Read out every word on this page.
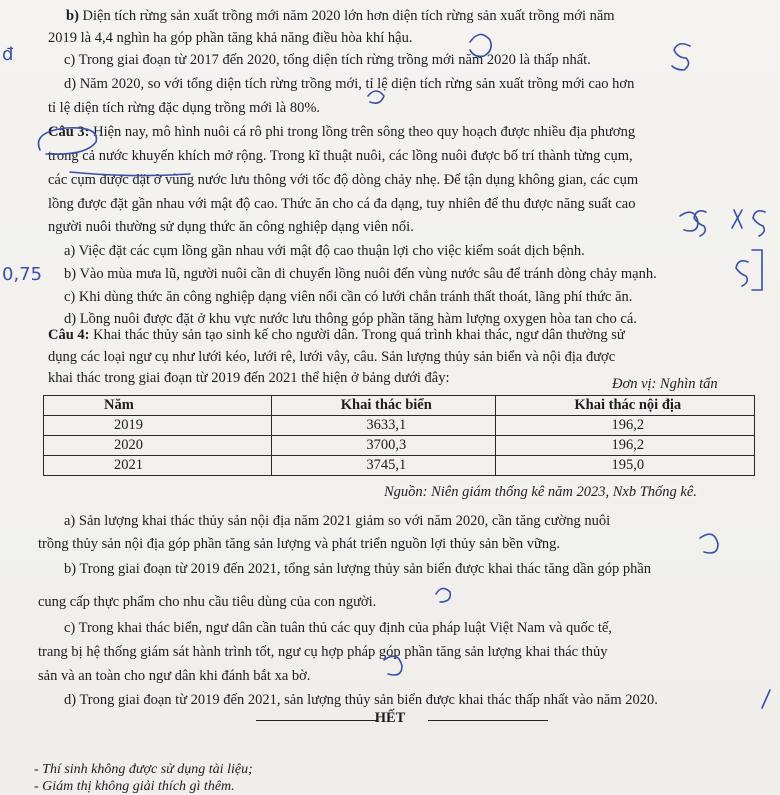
đ
0,75
b) Diện tích rừng sản xuất trồng mới năm 2020 lớn hơn diện tích rừng sản xuất trồng mới năm
2019 là 4,4 nghìn ha góp phần tăng khả năng điều hòa khí hậu.
c) Trong giai đoạn từ 2017 đến 2020, tổng diện tích rừng trồng mới năm 2020 là thấp nhất.
d) Năm 2020, so với tổng diện tích rừng trồng mới, tỉ lệ diện tích rừng sản xuất trồng mới cao hơn
tỉ lệ diện tích rừng đặc dụng trồng mới là 80%.
Câu 3: Hiện nay, mô hình nuôi cá rô phi trong lồng trên sông theo quy hoạch được nhiều địa phương
trong cả nước khuyến khích mở rộng. Trong kĩ thuật nuôi, các lồng nuôi được bố trí thành từng cụm,
các cụm được đặt ở vùng nước lưu thông với tốc độ dòng chảy nhẹ. Để tận dụng không gian, các cụm
lồng được đặt gần nhau với mật độ cao. Thức ăn cho cá đa dạng, tuy nhiên để thu được năng suất cao
người nuôi thường sử dụng thức ăn công nghiệp dạng viên nổi.
a) Việc đặt các cụm lồng gần nhau với mật độ cao thuận lợi cho việc kiểm soát dịch bệnh.
b) Vào mùa mưa lũ, người nuôi cần di chuyển lồng nuôi đến vùng nước sâu để tránh dòng chảy mạnh.
c) Khi dùng thức ăn công nghiệp dạng viên nổi cần có lưới chắn tránh thất thoát, lãng phí thức ăn.
d) Lồng nuôi được đặt ở khu vực nước lưu thông góp phần tăng hàm lượng oxygen hòa tan cho cá.
Câu 4: Khai thác thủy sản tạo sinh kế cho người dân. Trong quá trình khai thác, ngư dân thường sử
dụng các loại ngư cụ như lưới kéo, lưới rê, lưới vây, câu. Sản lượng thủy sản biển và nội địa được
khai thác trong giai đoạn từ 2019 đến 2021 thể hiện ở bảng dưới đây:	Đơn vị: Nghìn tấn
Năm	Khai thác biển	Khai thác nội địa
2019	3633,1	196,2
2020	3700,3	196,2
2021	3745,1	195,0
Nguồn: Niên giám thống kê năm 2023, Nxb Thống kê.
a) Sản lượng khai thác thủy sản nội địa năm 2021 giảm so với năm 2020, cần tăng cường nuôi
trồng thủy sản nội địa góp phần tăng sản lượng và phát triển nguồn lợi thủy sản bền vững.
b) Trong giai đoạn từ 2019 đến 2021, tổng sản lượng thủy sản biển được khai thác tăng dần góp phần
cung cấp thực phẩm cho nhu cầu tiêu dùng của con người.
c) Trong khai thác biển, ngư dân cần tuân thủ các quy định của pháp luật Việt Nam và quốc tế,
trang bị hệ thống giám sát hành trình tốt, ngư cụ hợp pháp góp phần tăng sản lượng khai thác thủy
sản và an toàn cho ngư dân khi đánh bắt xa bờ.
d) Trong giai đoạn từ 2019 đến 2021, sản lượng thủy sản biển được khai thác thấp nhất vào năm 2020.
HẾT
- Thí sinh không được sử dụng tài liệu;
- Giám thị không giải thích gì thêm.
